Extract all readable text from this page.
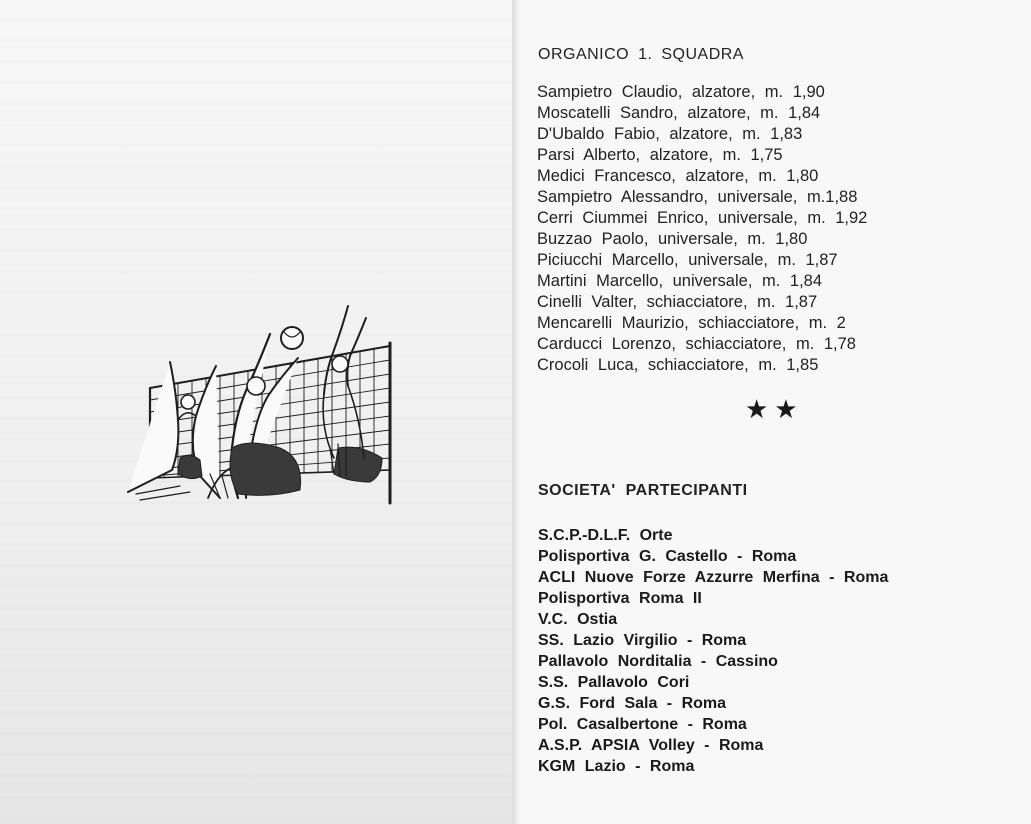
ORGANICO 1. SQUADRA
Sampietro Claudio, alzatore, m. 1,90
Moscatelli Sandro, alzatore, m. 1,84
D'Ubaldo Fabio, alzatore, m. 1,83
Parsi Alberto, alzatore, m. 1,75
Medici Francesco, alzatore, m. 1,80
Sampietro Alessandro, universale, m.1,88
Cerri Ciummei Enrico, universale, m. 1,92
Buzzao Paolo, universale, m. 1,80
Piciucchi Marcello, universale, m. 1,87
Martini Marcello, universale, m. 1,84
Cinelli Valter, schiacciatore, m. 1,87
Mencarelli Maurizio, schiacciatore, m. 2
Carducci Lorenzo, schiacciatore, m. 1,78
Crocoli Luca, schiacciatore, m. 1,85
★★
SOCIETA' PARTECIPANTI
S.C.P.-D.L.F. Orte
Polisportiva G. Castello - Roma
ACLI Nuove Forze Azzurre Merfina - Roma
Polisportiva Roma II
V.C. Ostia
SS. Lazio Virgilio - Roma
Pallavolo Norditalia - Cassino
S.S. Pallavolo Cori
G.S. Ford Sala - Roma
Pol. Casalbertone - Roma
A.S.P. APSIA Volley - Roma
KGM Lazio - Roma
